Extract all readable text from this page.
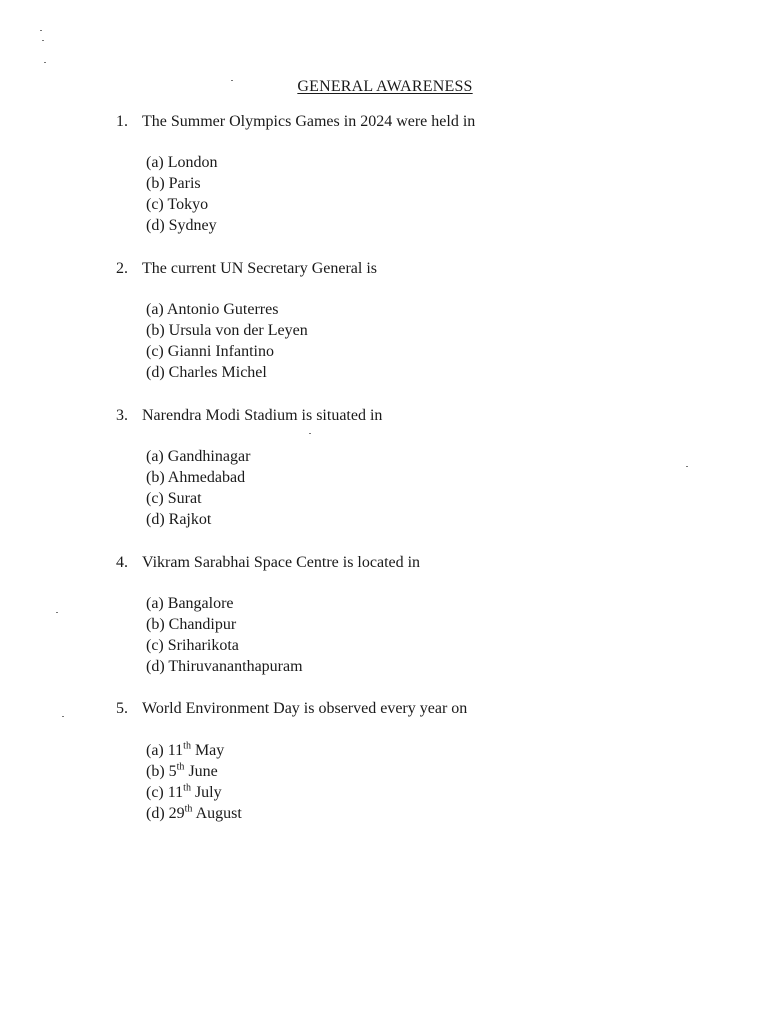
GENERAL AWARENESS
1. The Summer Olympics Games in 2024 were held in
(a) London
(b) Paris
(c) Tokyo
(d) Sydney
2. The current UN Secretary General is
(a) Antonio Guterres
(b) Ursula von der Leyen
(c) Gianni Infantino
(d) Charles Michel
3. Narendra Modi Stadium is situated in
(a) Gandhinagar
(b) Ahmedabad
(c) Surat
(d) Rajkot
4. Vikram Sarabhai Space Centre is located in
(a) Bangalore
(b) Chandipur
(c) Sriharikota
(d) Thiruvananthapuram
5. World Environment Day is observed every year on
(a) 11th May
(b) 5th June
(c) 11th July
(d) 29th August
